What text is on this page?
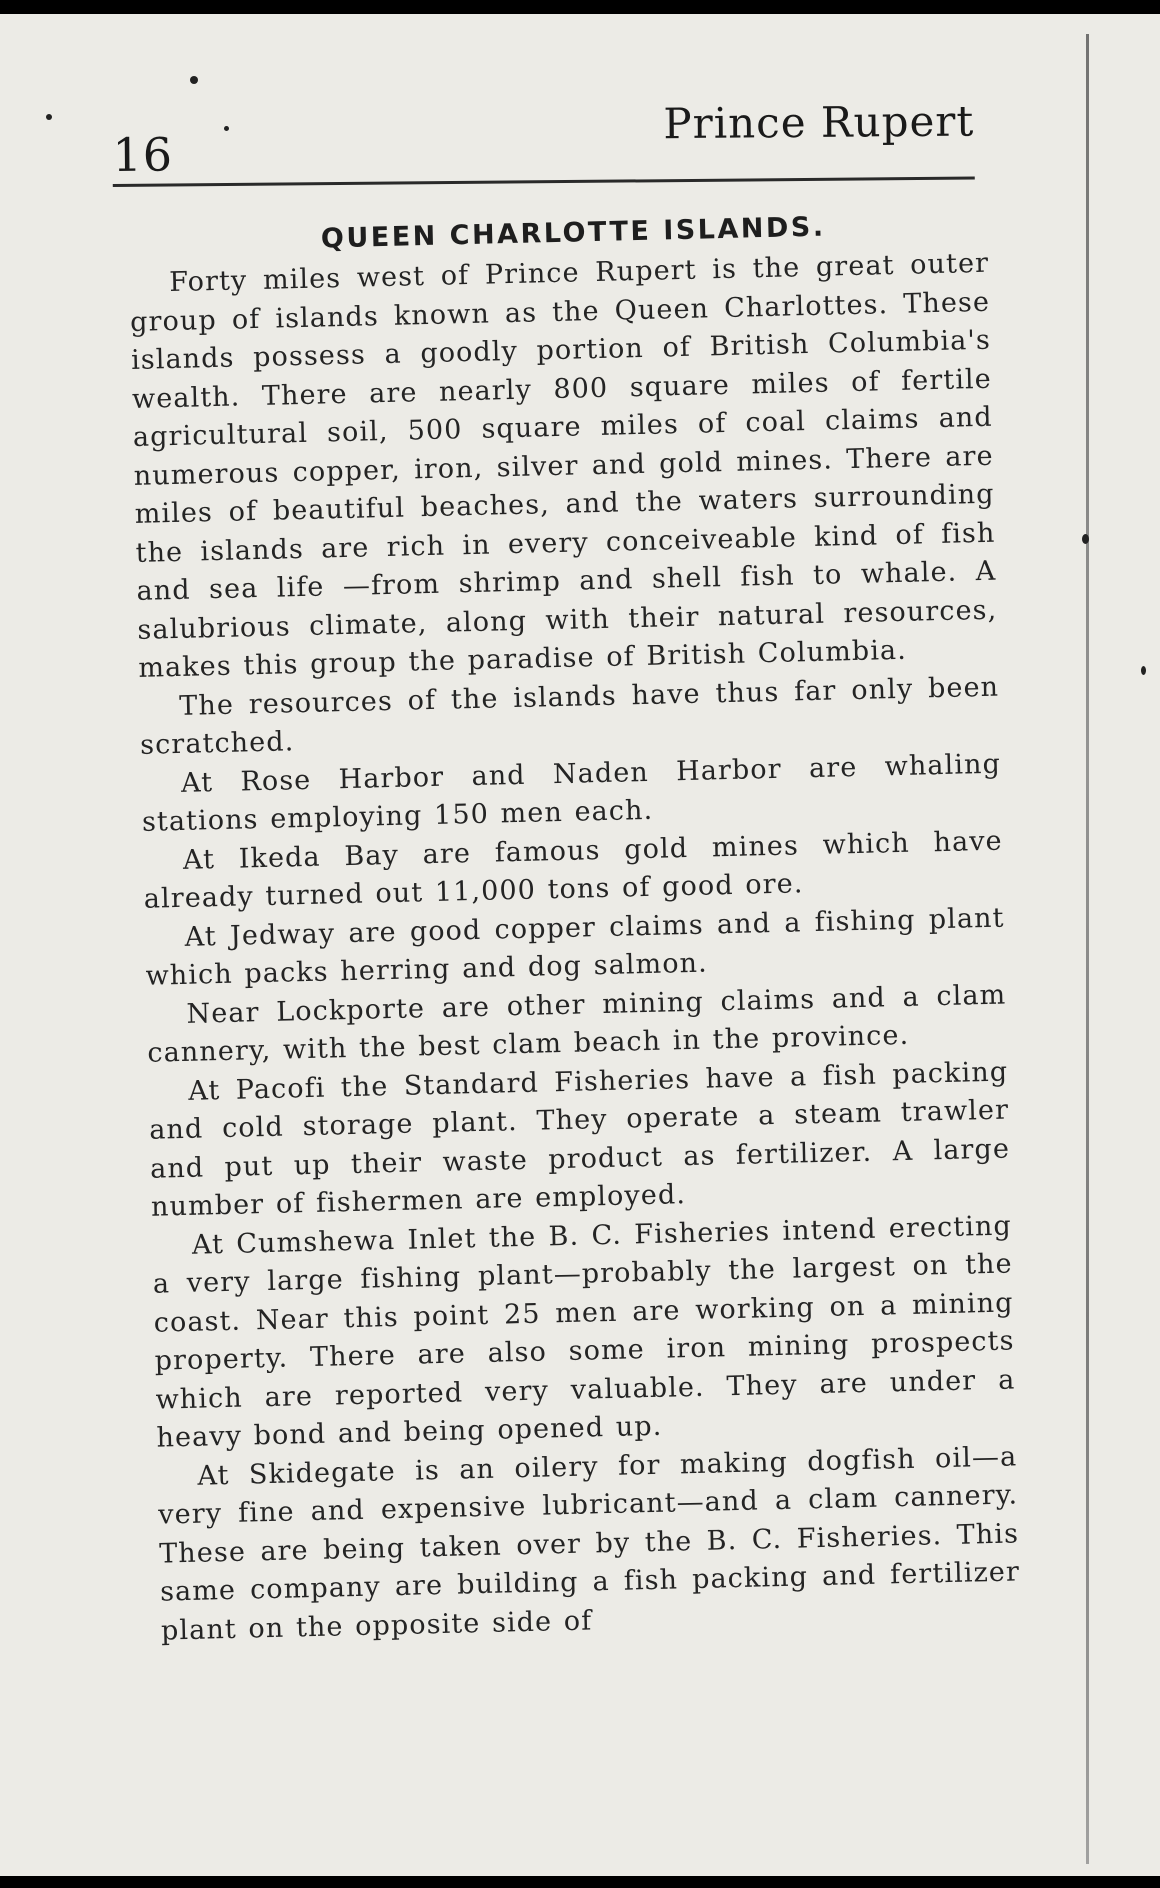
16
Prince Rupert
QUEEN CHARLOTTE ISLANDS.

Forty miles west of Prince Rupert is the great outer group of islands known as the Queen Charlottes. These islands possess a goodly portion of British Columbia's wealth. There are nearly 800 square miles of fertile agricultural soil, 500 square miles of coal claims and numerous copper, iron, silver and gold mines. There are miles of beautiful beaches, and the waters surrounding the islands are rich in every conceiveable kind of fish and sea life —from shrimp and shell fish to whale. A salubrious climate, along with their natural resources, makes this group the paradise of British Columbia.

The resources of the islands have thus far only been scratched.

At Rose Harbor and Naden Harbor are whaling stations employing 150 men each.

At Ikeda Bay are famous gold mines which have already turned out 11,000 tons of good ore.

At Jedway are good copper claims and a fishing plant which packs herring and dog salmon.

Near Lockporte are other mining claims and a clam cannery, with the best clam beach in the province.

At Pacofi the Standard Fisheries have a fish packing and cold storage plant. They operate a steam trawler and put up their waste product as fertilizer. A large number of fishermen are employed.

At Cumshewa Inlet the B. C. Fisheries intend erecting a very large fishing plant—probably the largest on the coast. Near this point 25 men are working on a mining property. There are also some iron mining prospects which are reported very valuable. They are under a heavy bond and being opened up.

At Skidegate is an oilery for making dogfish oil—a very fine and expensive lubricant—and a clam cannery. These are being taken over by the B. C. Fisheries. This same company are building a fish packing and fertilizer plant on the opposite side of
